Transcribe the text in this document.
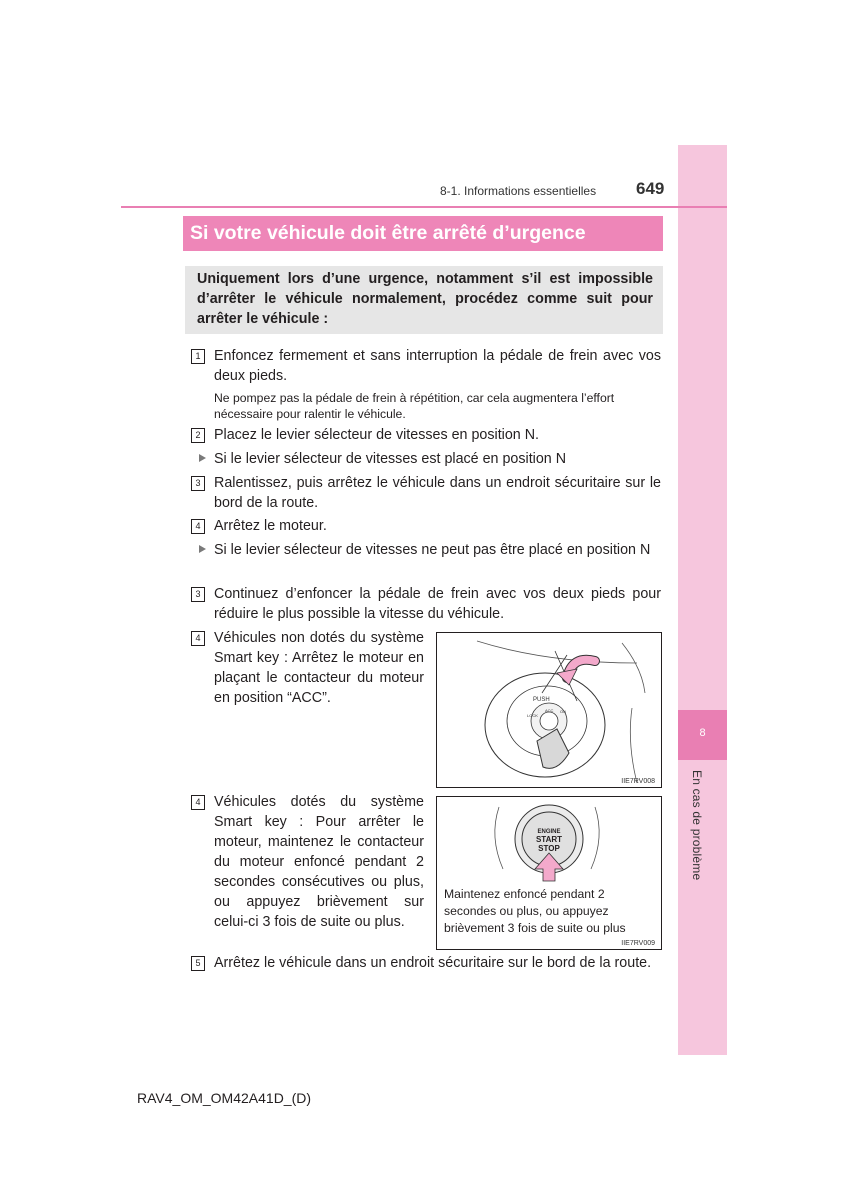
8
En cas de problème
8-1. Informations essentielles 649
Si votre véhicule doit être arrêté d’urgence
Uniquement lors d’une urgence, notamment s’il est impossible d’arrêter le véhicule normalement, procédez comme suit pour arrêter le véhicule :
1 Enfoncez fermement et sans interruption la pédale de frein avec vos deux pieds.
Ne pompez pas la pédale de frein à répétition, car cela augmentera l’effort nécessaire pour ralentir le véhicule.
2 Placez le levier sélecteur de vitesses en position N.
Si le levier sélecteur de vitesses est placé en position N
3 Ralentissez, puis arrêtez le véhicule dans un endroit sécuritaire sur le bord de la route.
4 Arrêtez le moteur.
Si le levier sélecteur de vitesses ne peut pas être placé en position N
3 Continuez d’enfoncer la pédale de frein avec vos deux pieds pour réduire le plus possible la vitesse du véhicule.
4 Véhicules non dotés du système Smart key : Arrêtez le moteur en plaçant le contacteur du moteur en position “ACC”.	PUSH
ACC
LOCK
ON
IIE7RV008
4 Véhicules dotés du système Smart key : Pour arrêter le moteur, maintenez le contacteur du moteur enfoncé pendant 2 secondes consécutives ou plus, ou appuyez brièvement sur celui-ci 3 fois de suite ou plus.
ENGINE
START
STOP
Maintenez enfoncé pendant 2 secondes ou plus, ou appuyez brièvement 3 fois de suite ou plus
IIE7RV009
5 Arrêtez le véhicule dans un endroit sécuritaire sur le bord de la route.
RAV4_OM_OM42A41D_(D)
